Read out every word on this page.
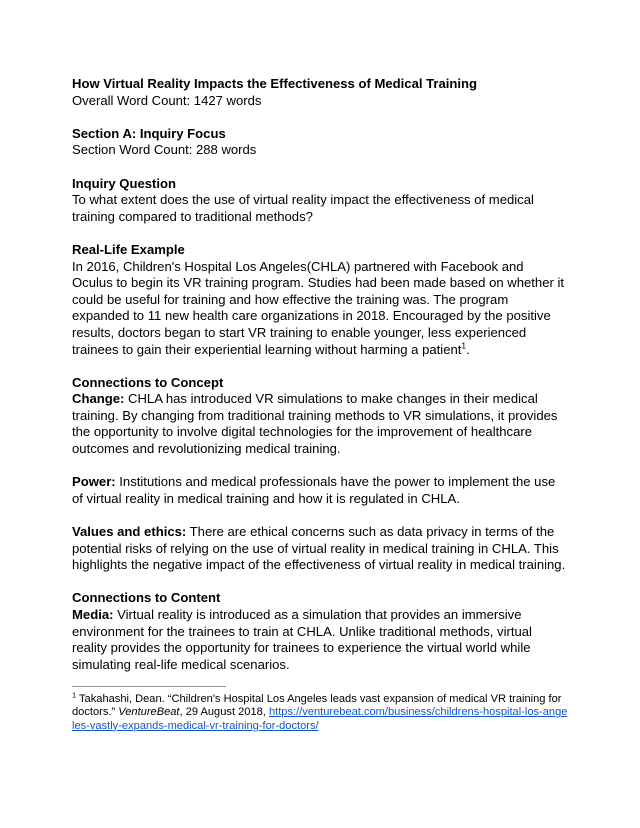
How Virtual Reality Impacts the Effectiveness of Medical Training

Overall Word Count: 1427 words

Section A: Inquiry Focus

Section Word Count: 288 words

Inquiry Question

To what extent does the use of virtual reality impact the effectiveness of medical training compared to traditional methods?

Real-Life Example

In 2016, Children's Hospital Los Angeles(CHLA) partnered with Facebook and Oculus to begin its VR training program. Studies had been made based on whether it could be useful for training and how effective the training was. The program expanded to 11 new health care organizations in 2018. Encouraged by the positive results, doctors began to start VR training to enable younger, less experienced trainees to gain their experiential learning without harming a patient$^1$.

Connections to Concept

Change: CHLA has introduced VR simulations to make changes in their medical training. By changing from traditional training methods to VR simulations, it provides the opportunity to involve digital technologies for the improvement of healthcare outcomes and revolutionizing medical training.

Power: Institutions and medical professionals have the power to implement the use of virtual reality in medical training and how it is regulated in CHLA.

Values and ethics: There are ethical concerns such as data privacy in terms of the potential risks of relying on the use of virtual reality in medical training in CHLA. This highlights the negative impact of the effectiveness of virtual reality in medical training.

Connections to Content

Media: Virtual reality is introduced as a simulation that provides an immersive environment for the trainees to train at CHLA. Unlike traditional methods, virtual reality provides the opportunity for trainees to experience the virtual world while simulating real-life medical scenarios.

$^1$ Takahashi, Dean. “Children's Hospital Los Angeles leads vast expansion of medical VR training for doctors.” VentureBeat, 29 August 2018, https://venturebeat.com/business/childrens-hospital-los-angeles-vastly-expands-medical-vr-training-for-doctors/
